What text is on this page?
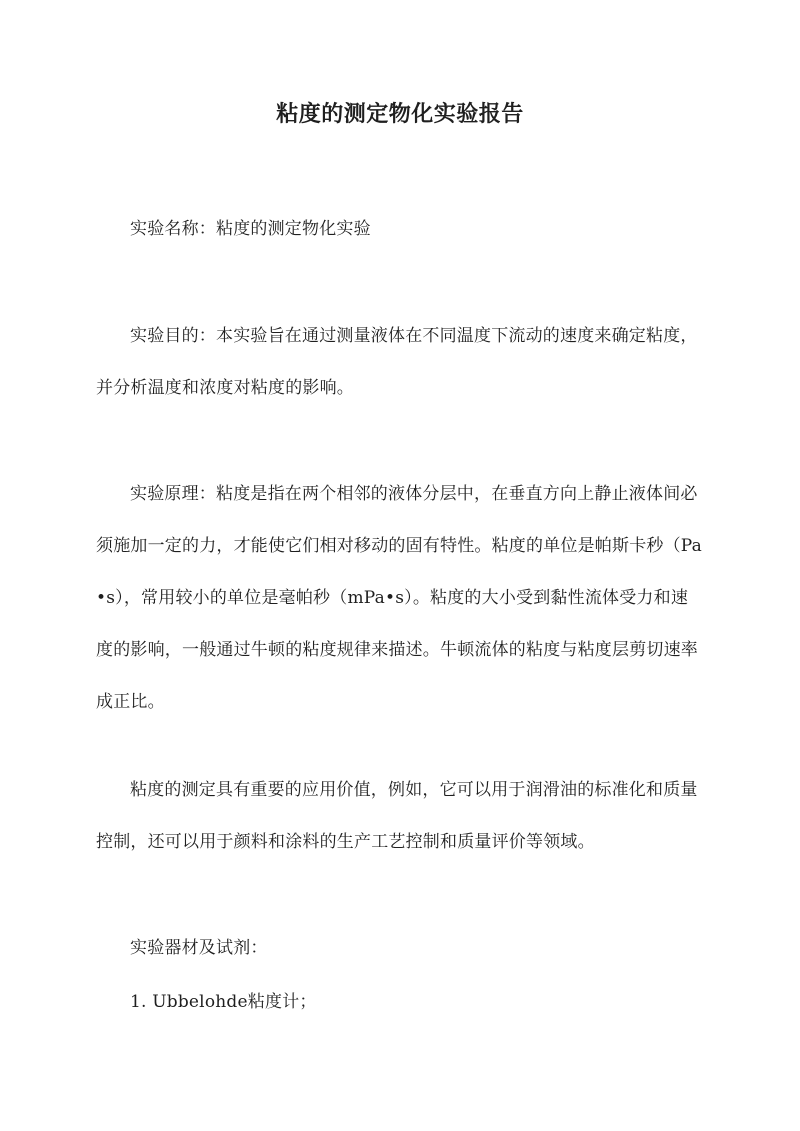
粘度的测定物化实验报告

实验名称：粘度的测定物化实验

实验目的：本实验旨在通过测量液体在不同温度下流动的速度来确定粘度，并分析温度和浓度对粘度的影响。

实验原理：粘度是指在两个相邻的液体分层中，在垂直方向上静止液体间必须施加一定的力，才能使它们相对移动的固有特性。粘度的单位是帕斯卡秒（Pa•s），常用较小的单位是毫帕秒（mPa•s）。粘度的大小受到黏性流体受力和速度的影响，一般通过牛顿的粘度规律来描述。牛顿流体的粘度与粘度层剪切速率成正比。

粘度的测定具有重要的应用价值，例如，它可以用于润滑油的标准化和质量控制，还可以用于颜料和涂料的生产工艺控制和质量评价等领域。

实验器材及试剂：

1. Ubbelohde粘度计；
